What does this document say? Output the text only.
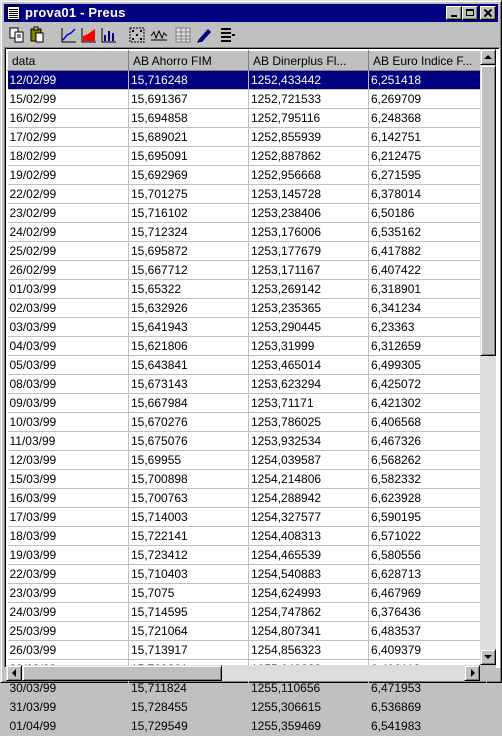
prova01 - Preus
data	AB Ahorro FIM	AB Dinerplus Fl...	AB Euro Indice F...
12/02/99	15,716248	1252,433442	6,251418
15/02/99	15,691367	1252,721533	6,269709
16/02/99	15,694858	1252,795116	6,248368
17/02/99	15,689021	1252,855939	6,142751
18/02/99	15,695091	1252,887862	6,212475
19/02/99	15,692969	1252,956668	6,271595
22/02/99	15,701275	1253,145728	6,378014
23/02/99	15,716102	1253,238406	6,50186
24/02/99	15,712324	1253,176006	6,535162
25/02/99	15,695872	1253,177679	6,417882
26/02/99	15,667712	1253,171167	6,407422
01/03/99	15,65322	1253,269142	6,318901
02/03/99	15,632926	1253,235365	6,341234
03/03/99	15,641943	1253,290445	6,23363
04/03/99	15,621806	1253,31999	6,312659
05/03/99	15,643841	1253,465014	6,499305
08/03/99	15,673143	1253,623294	6,425072
09/03/99	15,667984	1253,71171	6,421302
10/03/99	15,670276	1253,786025	6,406568
11/03/99	15,675076	1253,932534	6,467326
12/03/99	15,69955	1254,039587	6,568262
15/03/99	15,700898	1254,214806	6,582332
16/03/99	15,700763	1254,288942	6,623928
17/03/99	15,714003	1254,327577	6,590195
18/03/99	15,722141	1254,408313	6,571022
19/03/99	15,723412	1254,465539	6,580556
22/03/99	15,710403	1254,540883	6,628713
23/03/99	15,7075	1254,624993	6,467969
24/03/99	15,714595	1254,747862	6,376436
25/03/99	15,721064	1254,807341	6,483537
26/03/99	15,713917	1254,856323	6,409379

30/03/99	15,711824	1255,110656	6,471953
31/03/99	15,728455	1255,306615	6,536869
01/04/99	15,729549	1255,359469	6,541983
